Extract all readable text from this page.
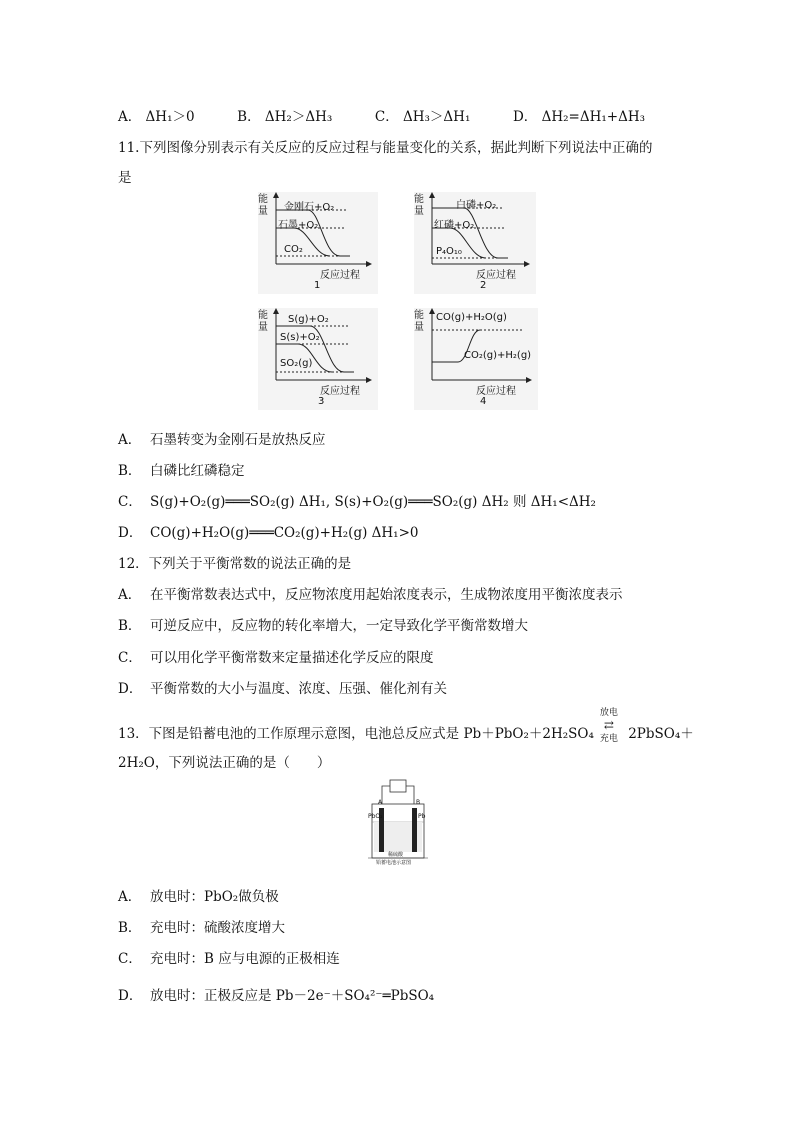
A． ΔH₁＞0	B． ΔH₂＞ΔH₃	C． ΔH₃＞ΔH₁	D． ΔH₂=ΔH₁+ΔH₃
11.下列图像分别表示有关反应的反应过程与能量变化的关系，据此判断下列说法中正确的
是
能量 金刚石+O₂
石墨+O₂
CO₂
反应过程
1
能量
白磷+O₂
红磷+O₂
P₄O₁₀
反应过程
2
能量
S(g)+O₂
S(s)+O₂
SO₂(g)
反应过程
3
能量
CO(g)+H₂O(g)
CO₂(g)+H₂(g)
反应过程
4
A． 石墨转变为金刚石是放热反应
B． 白磷比红磷稳定
C． S(g)+O₂(g)═══SO₂(g) ΔH₁, S(s)+O₂(g)═══SO₂(g) ΔH₂ 则 ΔH₁<ΔH₂
D． CO(g)+H₂O(g)═══CO₂(g)+H₂(g) ΔH₁>0
12．下列关于平衡常数的说法正确的是
A． 在平衡常数表达式中，反应物浓度用起始浓度表示，生成物浓度用平衡浓度表示
B． 可逆反应中，反应物的转化率增大，一定导致化学平衡常数增大
C． 可以用化学平衡常数来定量描述化学反应的限度
D． 平衡常数的大小与温度、浓度、压强、催化剂有关
13．下图是铅蓄电池的工作原理示意图，电池总反应式是 Pb＋PbO₂＋2H₂SO₄
放电
⇄
充电 2PbSO₄＋
2H₂O，下列说法正确的是（　　）
A	B
PbO₂	Pb
稀硫酸
铅蓄电池示意图
A． 放电时：PbO₂做负极
B． 充电时：硫酸浓度增大
C． 充电时：B 应与电源的正极相连
D． 放电时：正极反应是 Pb－2e⁻＋SO₄²⁻═PbSO₄
